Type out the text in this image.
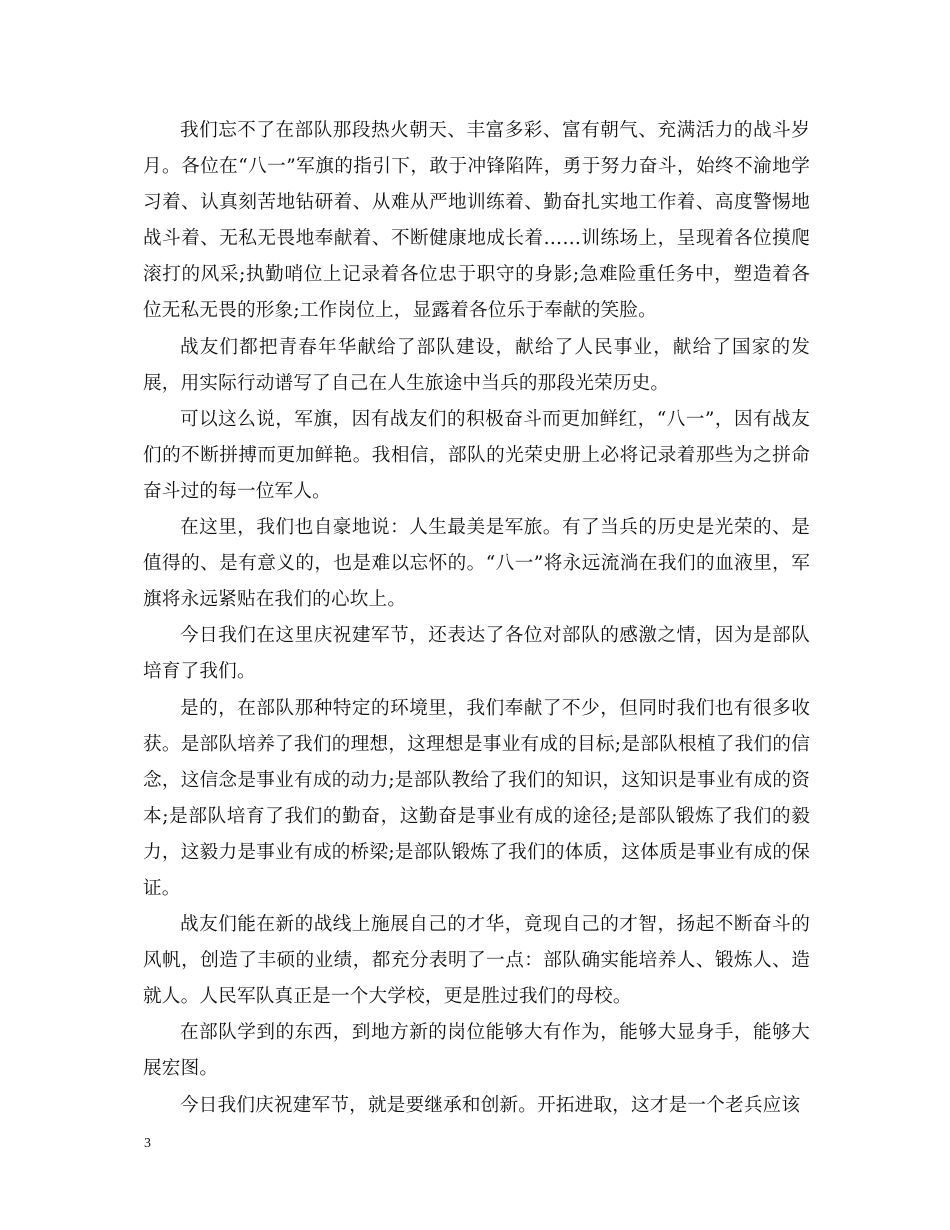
我们忘不了在部队那段热火朝天、丰富多彩、富有朝气、充满活力的战斗岁月。各位在“八一”军旗的指引下，敢于冲锋陷阵，勇于努力奋斗，始终不渝地学习着、认真刻苦地钻研着、从难从严地训练着、勤奋扎实地工作着、高度警惕地战斗着、无私无畏地奉献着、不断健康地成长着……训练场上，呈现着各位摸爬滚打的风采;执勤哨位上记录着各位忠于职守的身影;急难险重任务中，塑造着各位无私无畏的形象;工作岗位上，显露着各位乐于奉献的笑脸。

战友们都把青春年华献给了部队建设，献给了人民事业，献给了国家的发展，用实际行动谱写了自己在人生旅途中当兵的那段光荣历史。

可以这么说，军旗，因有战友们的积极奋斗而更加鲜红，“八一”，因有战友们的不断拼搏而更加鲜艳。我相信，部队的光荣史册上必将记录着那些为之拼命奋斗过的每一位军人。

在这里，我们也自豪地说：人生最美是军旅。有了当兵的历史是光荣的、是值得的、是有意义的，也是难以忘怀的。“八一”将永远流淌在我们的血液里，军旗将永远紧贴在我们的心坎上。

今日我们在这里庆祝建军节，还表达了各位对部队的感激之情，因为是部队培育了我们。

是的，在部队那种特定的环境里，我们奉献了不少，但同时我们也有很多收获。是部队培养了我们的理想，这理想是事业有成的目标;是部队根植了我们的信念，这信念是事业有成的动力;是部队教给了我们的知识，这知识是事业有成的资本;是部队培育了我们的勤奋，这勤奋是事业有成的途径;是部队锻炼了我们的毅力，这毅力是事业有成的桥梁;是部队锻炼了我们的体质，这体质是事业有成的保证。

战友们能在新的战线上施展自己的才华，竟现自己的才智，扬起不断奋斗的风帆，创造了丰硕的业绩，都充分表明了一点：部队确实能培养人、锻炼人、造就人。人民军队真正是一个大学校，更是胜过我们的母校。

在部队学到的东西，到地方新的岗位能够大有作为，能够大显身手，能够大展宏图。

今日我们庆祝建军节，就是要继承和创新。开拓进取，这才是一个老兵应该

3
